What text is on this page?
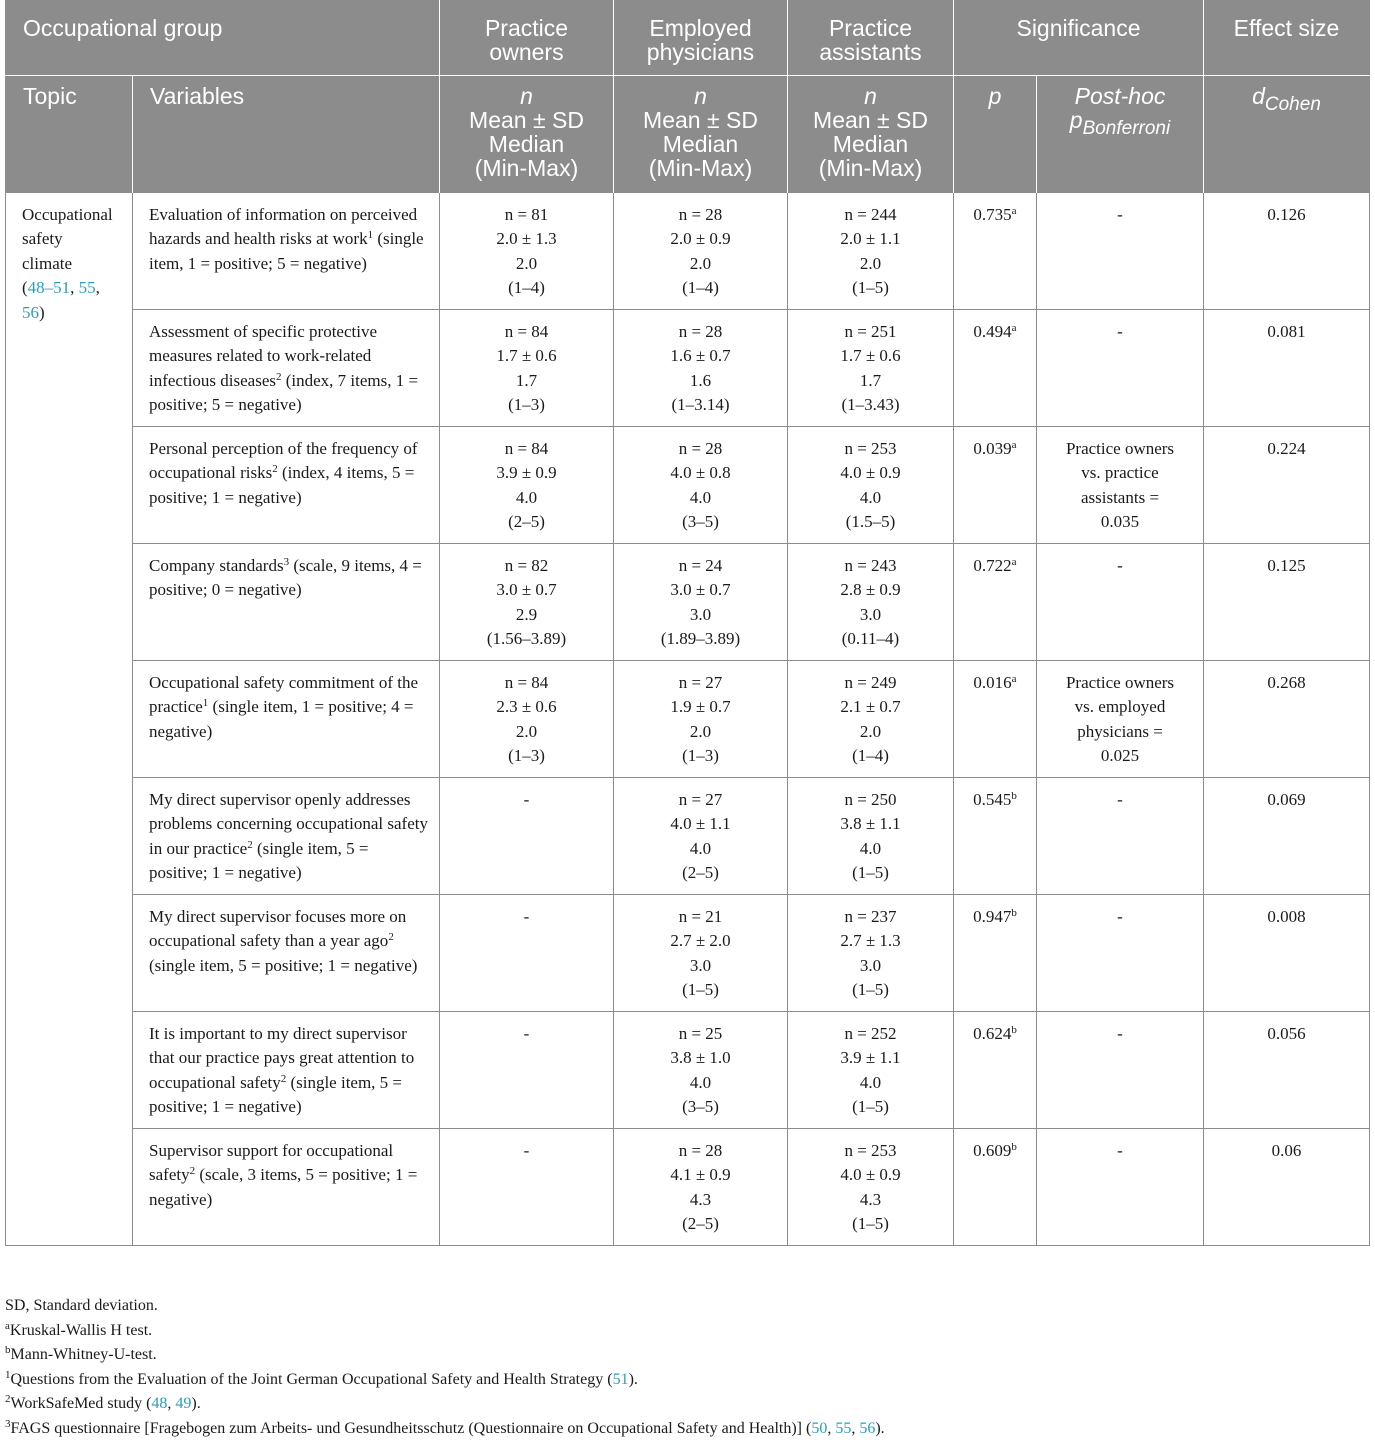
Occupational group		Practice
owners	Employed
physicians	Practice
assistants	Significance		Effect size
Topic	Variables	n
Mean ± SD
Median
(Min-Max)	n
Mean ± SD
Median
(Min-Max)	n
Mean ± SD
Median
(Min-Max)	p	Post-hoc
$p_{Bonferroni}$	$d_{Cohen}$
Occupational
safety
climate
(48–51, 55,
56)	Evaluation of information on perceived hazards and health risks at work$^1$ (single item, 1 = positive; 5 = negative)	n = 81
2.0 ± 1.3
2.0
(1–4)	n = 28
2.0 ± 0.9
2.0
(1–4)	n = 244
2.0 ± 1.1
2.0
(1–5)	0.735$^a$	-	0.126
	Assessment of specific protective measures related to work-related infectious diseases$^2$ (index, 7 items, 1 = positive; 5 = negative)	n = 84
1.7 ± 0.6
1.7
(1–3)	n = 28
1.6 ± 0.7
1.6
(1–3.14)	n = 251
1.7 ± 0.6
1.7
(1–3.43)	0.494$^a$	-	0.081
	Personal perception of the frequency of occupational risks$^2$ (index, 4 items, 5 = positive; 1 = negative)	n = 84
3.9 ± 0.9
4.0
(2–5)	n = 28
4.0 ± 0.8
4.0
(3–5)	n = 253
4.0 ± 0.9
4.0
(1.5–5)	0.039$^a$	Practice owners
vs. practice
assistants =
0.035	0.224
	Company standards$^3$ (scale, 9 items, 4 = positive; 0 = negative)	n = 82
3.0 ± 0.7
2.9
(1.56–3.89)	n = 24
3.0 ± 0.7
3.0
(1.89–3.89)	n = 243
2.8 ± 0.9
3.0
(0.11–4)	0.722$^a$	-	0.125
	Occupational safety commitment of the practice$^1$ (single item, 1 = positive; 4 = negative)	n = 84
2.3 ± 0.6
2.0
(1–3)	n = 27
1.9 ± 0.7
2.0
(1–3)	n = 249
2.1 ± 0.7
2.0
(1–4)	0.016$^a$	Practice owners
vs. employed
physicians =
0.025	0.268
	My direct supervisor openly addresses problems concerning occupational safety in our practice$^2$ (single item, 5 = positive; 1 = negative)	-	n = 27
4.0 ± 1.1
4.0
(2–5)	n = 250
3.8 ± 1.1
4.0
(1–5)	0.545$^b$	-	0.069
	My direct supervisor focuses more on occupational safety than a year ago$^2$ (single item, 5 = positive; 1 = negative)	-	n = 21
2.7 ± 2.0
3.0
(1–5)	n = 237
2.7 ± 1.3
3.0
(1–5)	0.947$^b$	-	0.008
	It is important to my direct supervisor that our practice pays great attention to occupational safety$^2$ (single item, 5 = positive; 1 = negative)	-	n = 25
3.8 ± 1.0
4.0
(3–5)	n = 252
3.9 ± 1.1
4.0
(1–5)	0.624$^b$	-	0.056
	Supervisor support for occupational safety$^2$ (scale, 3 items, 5 = positive; 1 = negative)	-	n = 28
4.1 ± 0.9
4.3
(2–5)	n = 253
4.0 ± 0.9
4.3
(1–5)	0.609$^b$	-	0.06
SD, Standard deviation.
$^a$Kruskal-Wallis H test.
$^b$Mann-Whitney-U-test.
$^1$Questions from the Evaluation of the Joint German Occupational Safety and Health Strategy (51).
$^2$WorkSafeMed study (48, 49).
$^3$FAGS questionnaire [Fragebogen zum Arbeits- und Gesundheitsschutz (Questionnaire on Occupational Safety and Health)] (50, 55, 56).
